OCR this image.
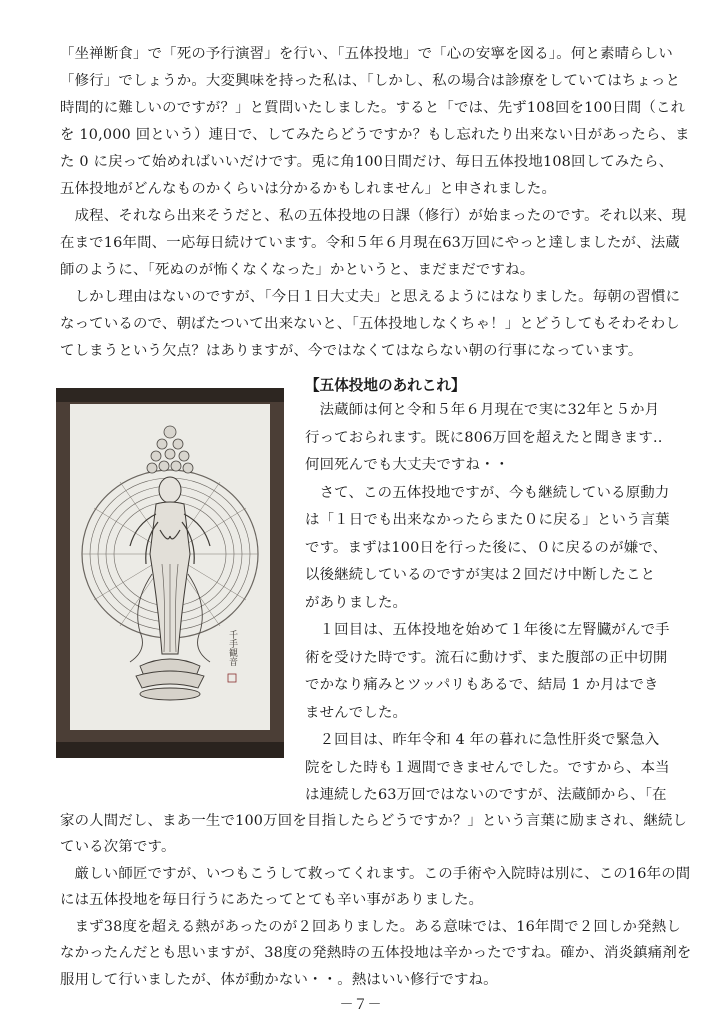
「坐禅断食」で「死の予行演習」を行い、「五体投地」で「心の安寧を図る」。何と素晴らしい
「修行」でしょうか。大変興味を持った私は、「しかし、私の場合は診療をしていてはちょっと
時間的に難しいのですが？」と質問いたしました。すると「では、先ず108回を100日間（これ
を 10,000 回という）連日で、してみたらどうですか？もし忘れたり出来ない日があったら、ま
た 0 に戻って始めればいいだけです。兎に角100日間だけ、毎日五体投地108回してみたら、
五体投地がどんなものかくらいは分かるかもしれません」と申されました。
　成程、それなら出来そうだと、私の五体投地の日課（修行）が始まったのです。それ以来、現
在まで16年間、一応毎日続けています。令和５年６月現在63万回にやっと達しましたが、法蔵
師のように、「死ぬのが怖くなくなった」かというと、まだまだですね。
　しかし理由はないのですが、「今日１日大丈夫」と思えるようにはなりました。毎朝の習慣に
なっているので、朝ばたついて出来ないと、「五体投地しなくちゃ！」とどうしてもそわそわし
てしまうという欠点？はありますが、今ではなくてはならない朝の行事になっています。
千手観音
【五体投地のあれこれ】
　法蔵師は何と令和５年６月現在で実に32年と５か月
行っておられます。既に806万回を超えたと聞きます‥
何回死んでも大丈夫ですね・・
　さて、この五体投地ですが、今も継続している原動力
は「１日でも出来なかったらまた０に戻る」という言葉
です。まずは100日を行った後に、０に戻るのが嫌で、
以後継続しているのですが実は２回だけ中断したこと
がありました。
　１回目は、五体投地を始めて１年後に左腎臓がんで手
術を受けた時です。流石に動けず、また腹部の正中切開
でかなり痛みとツッパリもあるで、結局 1 か月はでき
ませんでした。
　２回目は、昨年令和 4 年の暮れに急性肝炎で緊急入
院をした時も１週間できませんでした。ですから、本当
は連続した63万回ではないのですが、法蔵師から、「在
家の人間だし、まあ一生で100万回を目指したらどうですか？」という言葉に励まされ、継続し
ている次第です。
　厳しい師匠ですが、いつもこうして救ってくれます。この手術や入院時は別に、この16年の間
には五体投地を毎日行うにあたってとても辛い事がありました。
　まず38度を超える熱があったのが２回ありました。ある意味では、16年間で２回しか発熱し
なかったんだとも思いますが、38度の発熱時の五体投地は辛かったですね。確か、消炎鎮痛剤を
服用して行いましたが、体が動かない・・。熱はいい修行ですね。
－７－
